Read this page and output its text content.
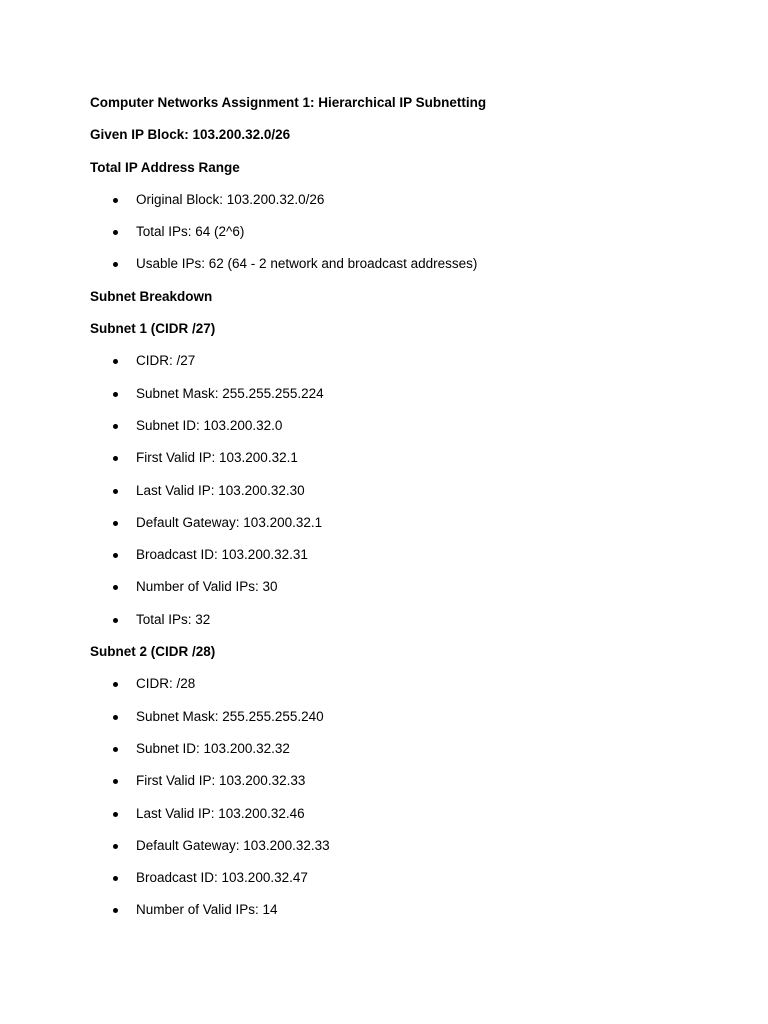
Computer Networks Assignment 1: Hierarchical IP Subnetting
Given IP Block: 103.200.32.0/26
Total IP Address Range
Original Block: 103.200.32.0/26
Total IPs: 64 (2^6)
Usable IPs: 62 (64 - 2 network and broadcast addresses)
Subnet Breakdown
Subnet 1 (CIDR /27)
CIDR: /27
Subnet Mask: 255.255.255.224
Subnet ID: 103.200.32.0
First Valid IP: 103.200.32.1
Last Valid IP: 103.200.32.30
Default Gateway: 103.200.32.1
Broadcast ID: 103.200.32.31
Number of Valid IPs: 30
Total IPs: 32
Subnet 2 (CIDR /28)
CIDR: /28
Subnet Mask: 255.255.255.240
Subnet ID: 103.200.32.32
First Valid IP: 103.200.32.33
Last Valid IP: 103.200.32.46
Default Gateway: 103.200.32.33
Broadcast ID: 103.200.32.47
Number of Valid IPs: 14
